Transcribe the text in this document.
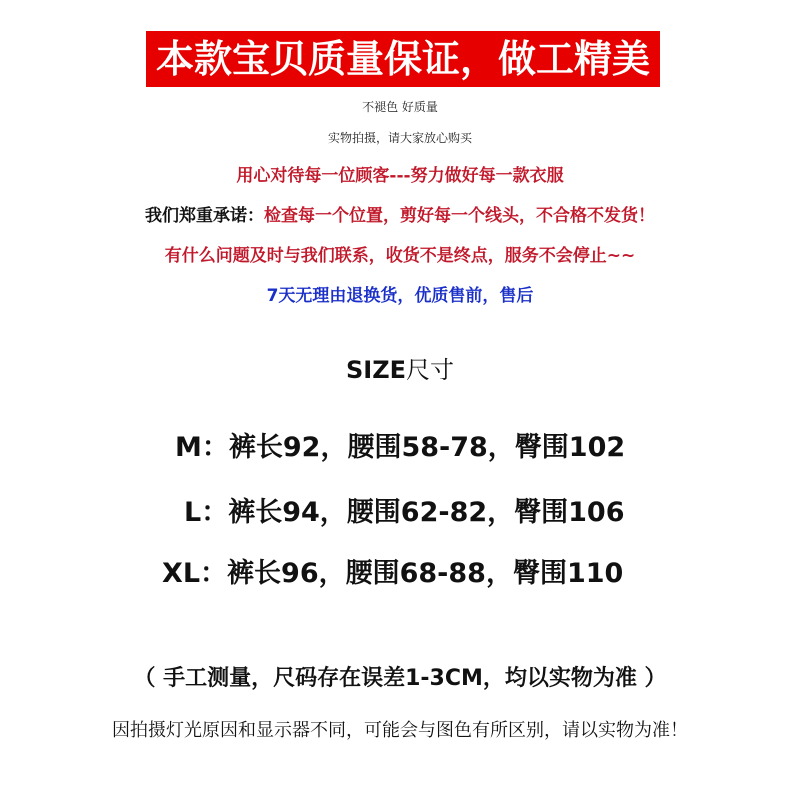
本款宝贝质量保证，做工精美
不褪色 好质量
实物拍摄，请大家放心购买
用心对待每一位顾客---努力做好每一款衣服
我们郑重承诺：检查每一个位置，剪好每一个线头，不合格不发货！
有什么问题及时与我们联系，收货不是终点，服务不会停止~~
7天无理由退换货，优质售前，售后
SIZE尺寸
M：裤长92，腰围58-78，臀围102
L：裤长94，腰围62-82，臀围106
XL：裤长96，腰围68-88，臀围110
（ 手工测量，尺码存在误差1-3CM，均以实物为准 ）
因拍摄灯光原因和显示器不同，可能会与图色有所区别，请以实物为准！
